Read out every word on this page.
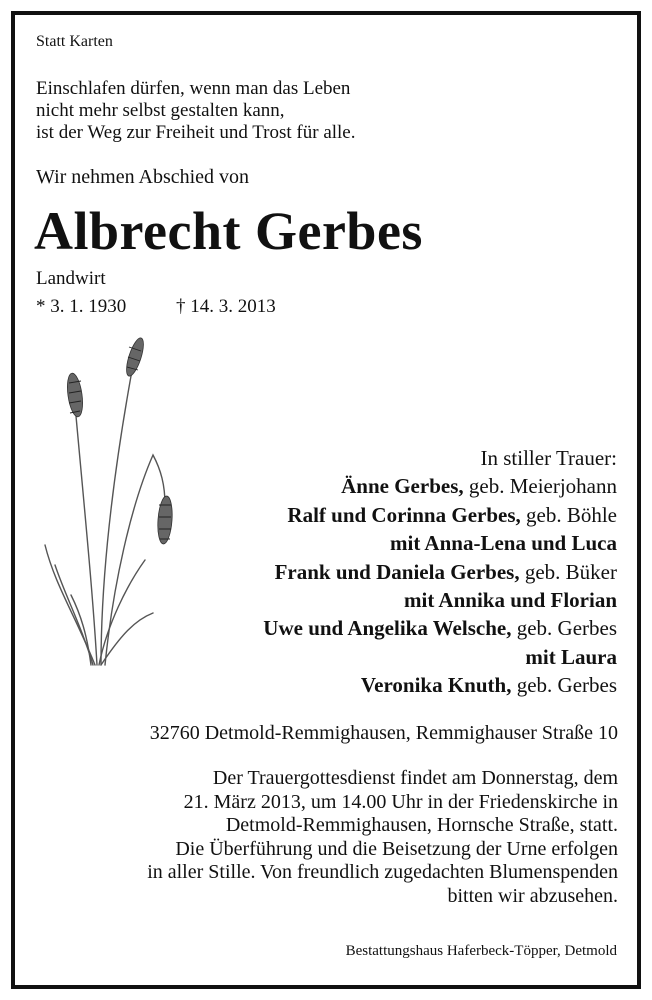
Statt Karten
Einschlafen dürfen, wenn man das Leben
nicht mehr selbst gestalten kann,
ist der Weg zur Freiheit und Trost für alle.
Wir nehmen Abschied von
Albrecht Gerbes
Landwirt
* 3. 1. 1930	† 14. 3. 2013
In stiller Trauer:
Änne Gerbes, geb. Meierjohann
Ralf und Corinna Gerbes, geb. Böhle
mit Anna-Lena und Luca
Frank und Daniela Gerbes, geb. Büker
mit Annika und Florian
Uwe und Angelika Welsche, geb. Gerbes
mit Laura
Veronika Knuth, geb. Gerbes
32760 Detmold-Remmighausen, Remmighauser Straße 10
Der Trauergottesdienst findet am Donnerstag, dem
21. März 2013, um 14.00 Uhr in der Friedenskirche in
Detmold-Remmighausen, Hornsche Straße, statt.
Die Überführung und die Beisetzung der Urne erfolgen
in aller Stille. Von freundlich zugedachten Blumenspenden
bitten wir abzusehen.
Bestattungshaus Haferbeck-Töpper, Detmold
